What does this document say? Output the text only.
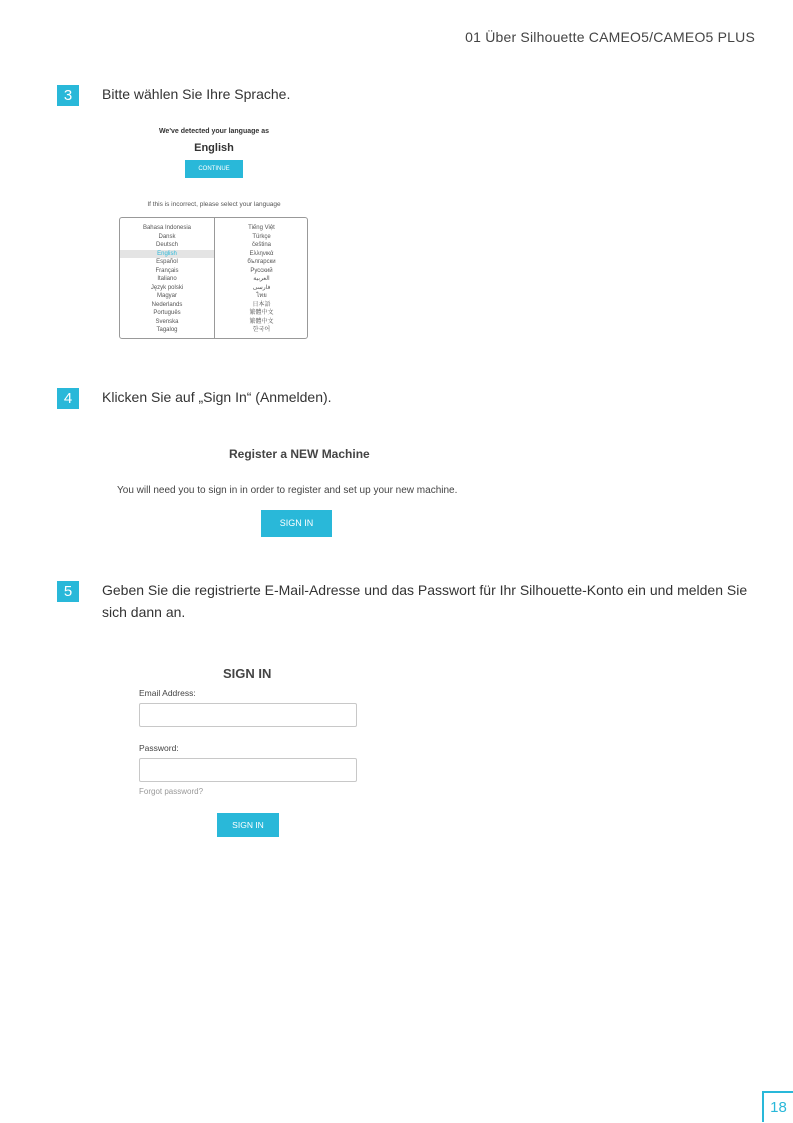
01 Über Silhouette CAMEO5/CAMEO5 PLUS
3	Bitte wählen Sie Ihre Sprache.
We've detected your language as
English
CONTINUE
If this is incorrect, please select your language
Bahasa Indonesia
Dansk
Deutsch
English
Español
Français
Italiano
Język polski
Magyar
Nederlands
Português
Svenska
Tagalog
Tiếng Việt
Türkçe
čeština
Ελληνικά
български
Русский
العربية
فارسی
ไทย
日本語
繁體中文
繁體中文
한국어
4	Klicken Sie auf „Sign In“ (Anmelden).
Register a NEW Machine
You will need you to sign in in order to register and set up your new machine.
SIGN IN
5	Geben Sie die registrierte E-Mail-Adresse und das Passwort für Ihr Silhouette-Konto ein und melden Sie sich dann an.
SIGN IN
Email Address:
Password:
Forgot password?
SIGN IN
18
